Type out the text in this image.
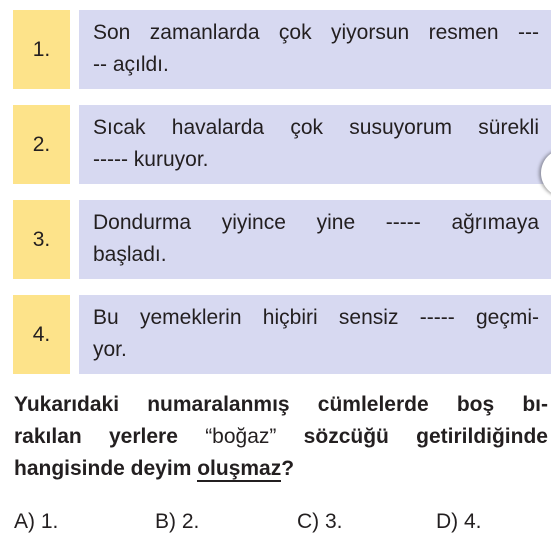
1.
Son zamanlarda çok yiyorsun resmen ---
-- açıldı.
2.
Sıcak havalarda çok susuyorum sürekli
----- kuruyor.
3.
Dondurma yiyince yine ----- ağrımaya
başladı.
4.
Bu yemeklerin hiçbiri sensiz ----- geçmi-
yor.
Yukarıdaki numaralanmış cümlelerde boş bı-
rakılan yerlere “boğaz” sözcüğü getirildiğinde
hangisinde deyim oluşmaz?
A) 1.	B) 2.	C) 3.	D) 4.
